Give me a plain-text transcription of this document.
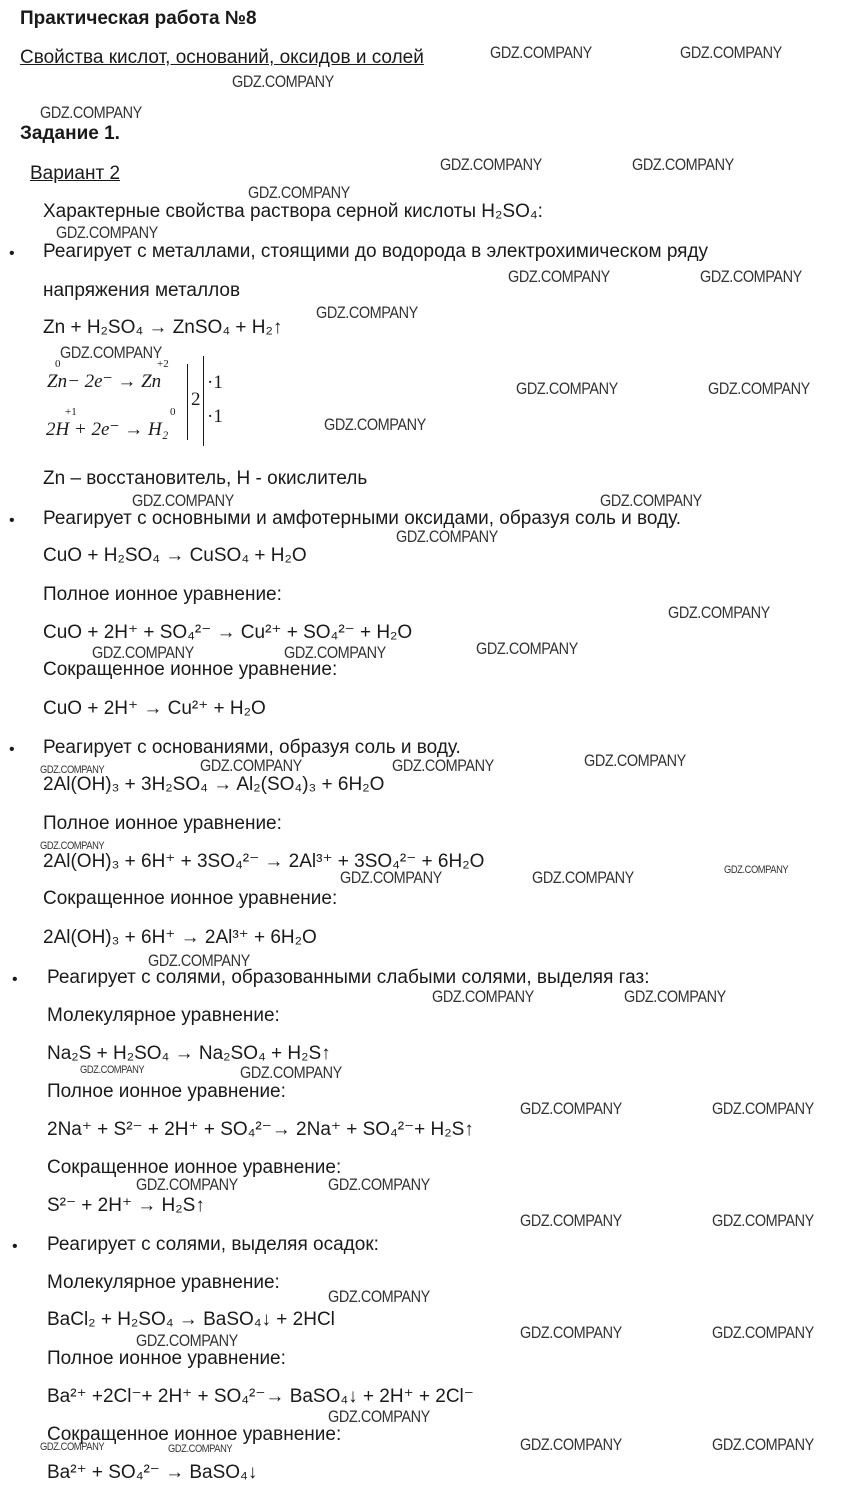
Практическая работа №8
Свойства кислот, оснований, оксидов и солей
Задание 1.
Вариант 2
Характерные свойства раствора серной кислоты H₂SO₄:
• Реагирует с металлами, стоящими до водорода в электрохимическом ряду
напряжения металлов
Zn + H₂SO₄ → ZnSO₄ + H₂↑
0	+2
Zn− 2e⁻ → Zn
+1	0
2H + 2e⁻ → H₂
2
·1
·1
Zn – восстановитель, Н - окислитель
• Реагирует с основными и амфотерными оксидами, образуя соль и воду.
CuO + H₂SO₄ → CuSO₄ + H₂O
Полное ионное уравнение:
CuO + 2H⁺ + SO₄²⁻ → Cu²⁺ + SO₄²⁻ + H₂O
Сокращенное ионное уравнение:
CuO + 2H⁺ → Cu²⁺ + H₂O
• Реагирует с основаниями, образуя соль и воду.
2Al(OH)₃ + 3H₂SO₄ → Al₂(SO₄)₃ + 6H₂O
Полное ионное уравнение:
2Al(OH)₃ + 6H⁺ + 3SO₄²⁻ → 2Al³⁺ + 3SO₄²⁻ + 6H₂O
Сокращенное ионное уравнение:
2Al(OH)₃ + 6H⁺ → 2Al³⁺ + 6H₂O
• Реагирует с солями, образованными слабыми солями, выделяя газ:
Молекулярное уравнение:
Na₂S + H₂SO₄ → Na₂SO₄ + H₂S↑
Полное ионное уравнение:
2Na⁺ + S²⁻ + 2H⁺ + SO₄²⁻→ 2Na⁺ + SO₄²⁻+ H₂S↑
Сокращенное ионное уравнение:
S²⁻ + 2H⁺ → H₂S↑
• Реагирует с солями, выделяя осадок:
Молекулярное уравнение:
BaCl₂ + H₂SO₄ → BaSO₄↓ + 2HCl
Полное ионное уравнение:
Ba²⁺ +2Cl⁻+ 2H⁺ + SO₄²⁻→ BaSO₄↓ + 2H⁺ + 2Cl⁻
Сокращенное ионное уравнение:
Ba²⁺ + SO₄²⁻ → BaSO₄↓
GDZ.COMPANY	GDZ.COMPANY
GDZ.COMPANY
GDZ.COMPANY
GDZ.COMPANY	GDZ.COMPANY
GDZ.COMPANY
GDZ.COMPANY
GDZ.COMPANY	GDZ.COMPANY
GDZ.COMPANY
GDZ.COMPANY
GDZ.COMPANY	GDZ.COMPANY
GDZ.COMPANY
GDZ.COMPANY	GDZ.COMPANY
GDZ.COMPANY
GDZ.COMPANY
GDZ.COMPANY	GDZ.COMPANY	GDZ.COMPANY
GDZ.COMPANY
GDZ.COMPANY	GDZ.COMPANY
GDZ.COMPANY
GDZ.COMPANY
GDZ.COMPANY	GDZ.COMPANY	GDZ.COMPANY
GDZ.COMPANY
GDZ.COMPANY	GDZ.COMPANY
GDZ.COMPANY	GDZ.COMPANY
GDZ.COMPANY	GDZ.COMPANY
GDZ.COMPANY	GDZ.COMPANY
GDZ.COMPANY	GDZ.COMPANY
GDZ.COMPANY
GDZ.COMPANY	GDZ.COMPANY	GDZ.COMPANY
GDZ.COMPANY
GDZ.COMPANY	GDZ.COMPANY
GDZ.COMPANY	GDZ.COMPANY
